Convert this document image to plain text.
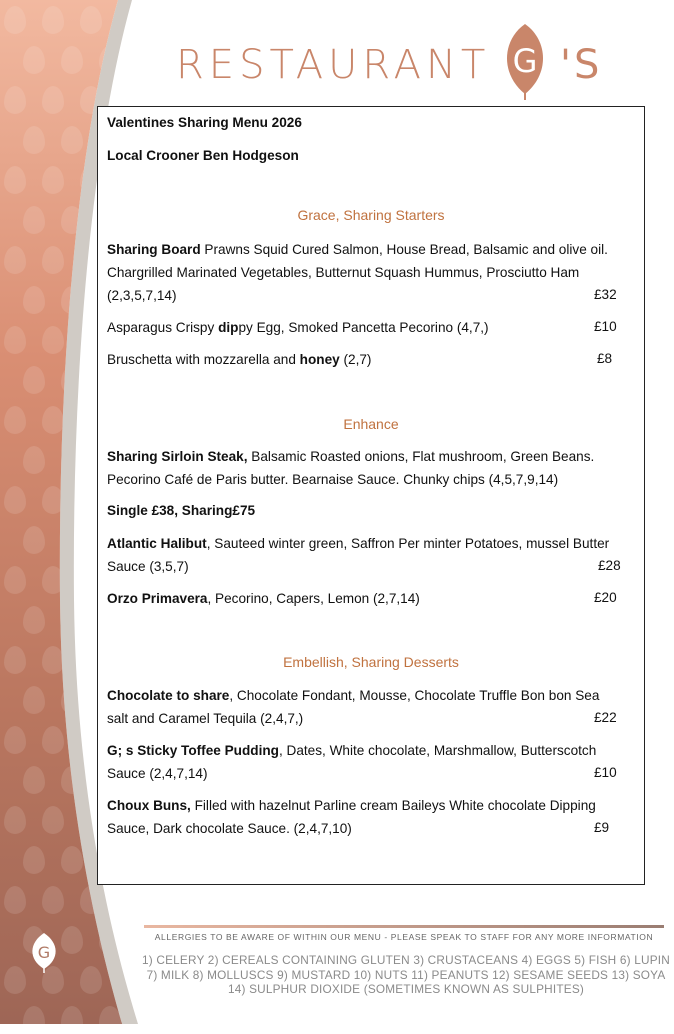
RESTAURANT G 'S
Valentines Sharing Menu 2026
Local Crooner Ben Hodgeson
Grace, Sharing Starters
Sharing Board Prawns Squid Cured Salmon, House Bread, Balsamic and olive oil.
Chargrilled Marinated Vegetables, Butternut Squash Hummus, Prosciutto Ham
(2,3,5,7,14)	£32
Asparagus Crispy dippy Egg, Smoked Pancetta Pecorino (4,7,)	£10
Bruschetta with mozzarella and honey (2,7)	£8
Enhance
Sharing Sirloin Steak, Balsamic Roasted onions, Flat mushroom, Green Beans.
Pecorino Café de Paris butter. Bearnaise Sauce. Chunky chips (4,5,7,9,14)
Single £38, Sharing£75
Atlantic Halibut, Sauteed winter green, Saffron Per minter Potatoes, mussel Butter
Sauce (3,5,7)	£28
Orzo Primavera, Pecorino, Capers, Lemon (2,7,14)	£20
Embellish, Sharing Desserts
Chocolate to share, Chocolate Fondant, Mousse, Chocolate Truffle Bon bon Sea
salt and Caramel Tequila (2,4,7,)	£22
G; s Sticky Toffee Pudding, Dates, White chocolate, Marshmallow, Butterscotch
Sauce (2,4,7,14)	£10
Choux Buns, Filled with hazelnut Parline cream Baileys White chocolate Dipping
Sauce, Dark chocolate Sauce. (2,4,7,10)	£9
ALLERGIES TO BE AWARE OF WITHIN OUR MENU - PLEASE SPEAK TO STAFF FOR ANY MORE INFORMATION
1) CELERY 2) CEREALS CONTAINING GLUTEN 3) CRUSTACEANS 4) EGGS 5) FISH 6) LUPIN
7) MILK 8) MOLLUSCS 9) MUSTARD 10) NUTS 11) PEANUTS 12) SESAME SEEDS 13) SOYA
14) SULPHUR DIOXIDE (SOMETIMES KNOWN AS SULPHITES)
G
